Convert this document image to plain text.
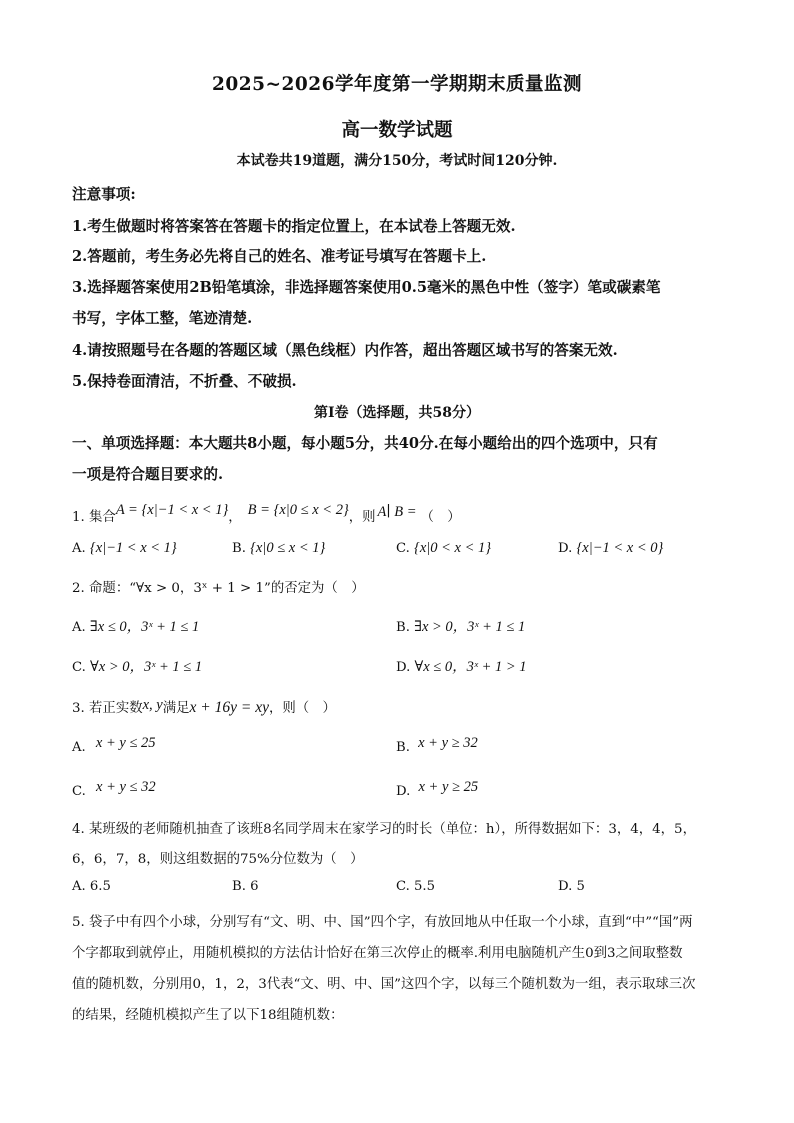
2025~2026学年度第一学期期末质量监测
高一数学试题
本试卷共19道题，满分150分，考试时间120分钟.
注意事项:
1.考生做题时将答案答在答题卡的指定位置上，在本试卷上答题无效.
2.答题前，考生务必先将自己的姓名、准考证号填写在答题卡上.
3.选择题答案使用2B铅笔填涂，非选择题答案使用0.5毫米的黑色中性（签字）笔或碳素笔
书写，字体工整，笔迹清楚.
4.请按照题号在各题的答题区域（黑色线框）内作答，超出答题区域书写的答案无效.
5.保持卷面清洁，不折叠、不破损.
第Ⅰ卷（选择题，共58分）
一、单项选择题：本大题共8小题，每小题5分，共40分.在每小题给出的四个选项中，只有
一项是符合题目要求的.
1. 集合A = {x|−1 < x < 1}， B = {x|0 ≤ x < 2}，则 A∣ B = （　）
A. {x|−1 < x < 1}	B. {x|0 ≤ x < 1}	C. {x|0 < x < 1}	D. {x|−1 < x < 0}
2. 命题：“∀x > 0，3ˣ + 1 > 1”的否定为（　）
A. ∃x ≤ 0，3ˣ + 1 ≤ 1	B. ∃x > 0，3ˣ + 1 ≤ 1
C. ∀x > 0，3ˣ + 1 ≤ 1	D. ∀x ≤ 0，3ˣ + 1 > 1
3. 若正实数x, y满足x + 16y = xy，则（　）
A. x + y ≤ 25	B. x + y ≥ 32
C. x + y ≤ 32	D. x + y ≥ 25
4. 某班级的老师随机抽查了该班8名同学周末在家学习的时长（单位：h），所得数据如下：3，4，4，5，
6，6，7，8，则这组数据的75%分位数为（　）
A. 6.5	B. 6	C. 5.5	D. 5
5. 袋子中有四个小球，分别写有“文、明、中、国”四个字，有放回地从中任取一个小球，直到“中”“国”两
个字都取到就停止，用随机模拟的方法估计恰好在第三次停止的概率.利用电脑随机产生0到3之间取整数
值的随机数，分别用0，1，2，3代表“文、明、中、国”这四个字，以每三个随机数为一组，表示取球三次
的结果，经随机模拟产生了以下18组随机数：
